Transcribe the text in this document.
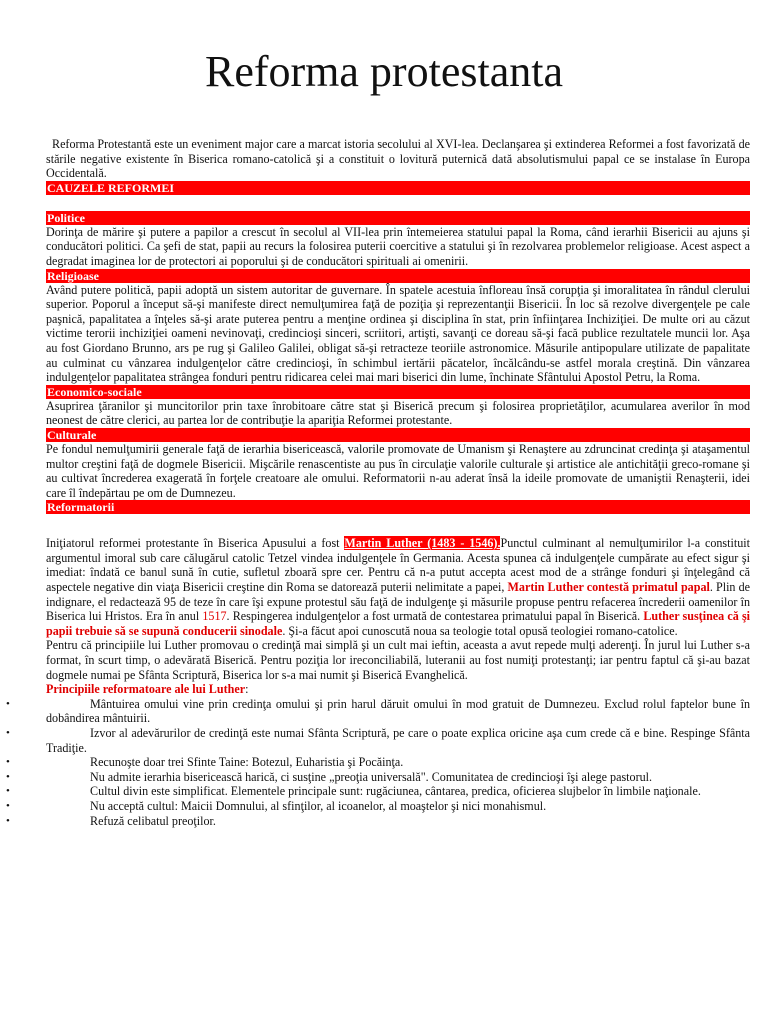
Reforma protestanta

Reforma Protestantă este un eveniment major care a marcat istoria secolului al XVI-lea. Declanşarea şi extinderea Reformei a fost favorizată de stările negative existente în Biserica romano-catolică şi a constituit o lovitură puternică dată absolutismului papal ce se instalase în Europa Occidentală.

CAUZELE REFORMEI
Politice

Dorinţa de mărire şi putere a papilor a crescut în secolul al VII-lea prin întemeierea statului papal la Roma, când ierarhii Bisericii au ajuns şi conducători politici. Ca şefi de stat, papii au recurs la folosirea puterii coercitive a statului şi în rezolvarea problemelor religioase. Acest aspect a degradat imaginea lor de protectori ai poporului şi de conducători spirituali ai omenirii.

Religioase

Având putere politică, papii adoptă un sistem autoritar de guvernare. În spatele acestuia înfloreau însă corupţia şi imoralitatea în rândul clerului superior. Poporul a început să-şi manifeste direct nemulţumirea faţă de poziţia şi reprezentanţii Bisericii. În loc să rezolve divergenţele pe cale paşnică, papalitatea a înţeles să-şi arate puterea pentru a menţine ordinea şi disciplina în stat, prin înfiinţarea Inchiziţiei. De multe ori au căzut victime terorii inchiziţiei oameni nevinovaţi, credincioşi sinceri, scriitori, artişti, savanţi ce doreau să-şi facă publice rezultatele muncii lor. Aşa au fost Giordano Brunno, ars pe rug şi Galileo Galilei, obligat să-şi retracteze teoriile astronomice. Măsurile antipopulare utilizate de papalitate au culminat cu vânzarea indulgenţelor către credincioşi, în schimbul iertării păcatelor, încălcându-se astfel morala creştină. Din vânzarea indulgenţelor papalitatea strângea fonduri pentru ridicarea celei mai mari biserici din lume, închinate Sfântului Apostol Petru, la Roma.

Economico-sociale

Asuprirea ţăranilor şi muncitorilor prin taxe înrobitoare către stat şi Biserică precum şi folosirea proprietăţilor, acumularea averilor în mod neonest de către clerici, au partea lor de contribuţie la apariţia Reformei protestante.

Culturale

Pe fondul nemulţumirii generale faţă de ierarhia bisericească, valorile promovate de Umanism şi Renaştere au zdruncinat credinţa şi ataşamentul multor creştini faţă de dogmele Bisericii. Mişcările renascentiste au pus în circulaţie valorile culturale şi artistice ale antichităţii greco-romane şi au cultivat încrederea exagerată în forţele creatoare ale omului. Reformatorii n-au aderat însă la ideile promovate de umaniştii Renaşterii, idei care îl îndepărtau pe om de Dumnezeu.

Reformatorii

Iniţiatorul reformei protestante în Biserica Apusului a fost Martin Luther (1483 - 1546).Punctul culminant al nemulţumirilor l-a constituit argumentul imoral sub care călugărul catolic Tetzel vindea indulgenţele în Germania. Acesta spunea că indulgenţele cumpărate au efect sigur şi imediat: îndată ce banul sună în cutie, sufletul zboară spre cer. Pentru că n-a putut accepta acest mod de a strânge fonduri şi înţelegând că aspectele negative din viaţa Bisericii creştine din Roma se datorează puterii nelimitate a papei, Martin Luther contestă primatul papal. Plin de indignare, el redactează 95 de teze în care îşi expune protestul său faţă de indulgenţe şi măsurile propuse pentru refacerea încrederii oamenilor în Biserica lui Hristos. Era în anul 1517. Respingerea indulgenţelor a fost urmată de contestarea primatului papal în Biserică. Luther susţinea că şi papii trebuie să se supună conducerii sinodale. Şi-a făcut apoi cunoscută noua sa teologie total opusă teologiei romano-catolice.

Pentru că principiile lui Luther promovau o credinţă mai simplă şi un cult mai ieftin, aceasta a avut repede mulţi aderenţi. În jurul lui Luther s-a format, în scurt timp, o adevărată Biserică. Pentru poziţia lor ireconciliabilă, luteranii au fost numiţi protestanţi; iar pentru faptul că şi-au bazat dogmele numai pe Sfânta Scriptură, Biserica lor s-a mai numit şi Biserică Evanghelică.

Principiile reformatoare ale lui Luther:

•	Mântuirea omului vine prin credinţa omului şi prin harul dăruit omului în mod gratuit de Dumnezeu. Exclud rolul faptelor bune în dobândirea mântuirii.
•	Izvor al adevărurilor de credinţă este numai Sfânta Scriptură, pe care o poate explica oricine aşa cum crede că e bine. Respinge Sfânta Tradiţie.
•	Recunoşte doar trei Sfinte Taine: Botezul, Euharistia şi Pocăinţa.
•	Nu admite ierarhia bisericească harică, ci susţine „preoţia universală". Comunitatea de credincioşi îşi alege pastorul.
•	Cultul divin este simplificat. Elementele principale sunt: rugăciunea, cântarea, predica, oficierea slujbelor în limbile naţionale.
•	Nu acceptă cultul: Maicii Domnului, al sfinţilor, al icoanelor, al moaştelor şi nici monahismul.
•	Refuză celibatul preoţilor.
